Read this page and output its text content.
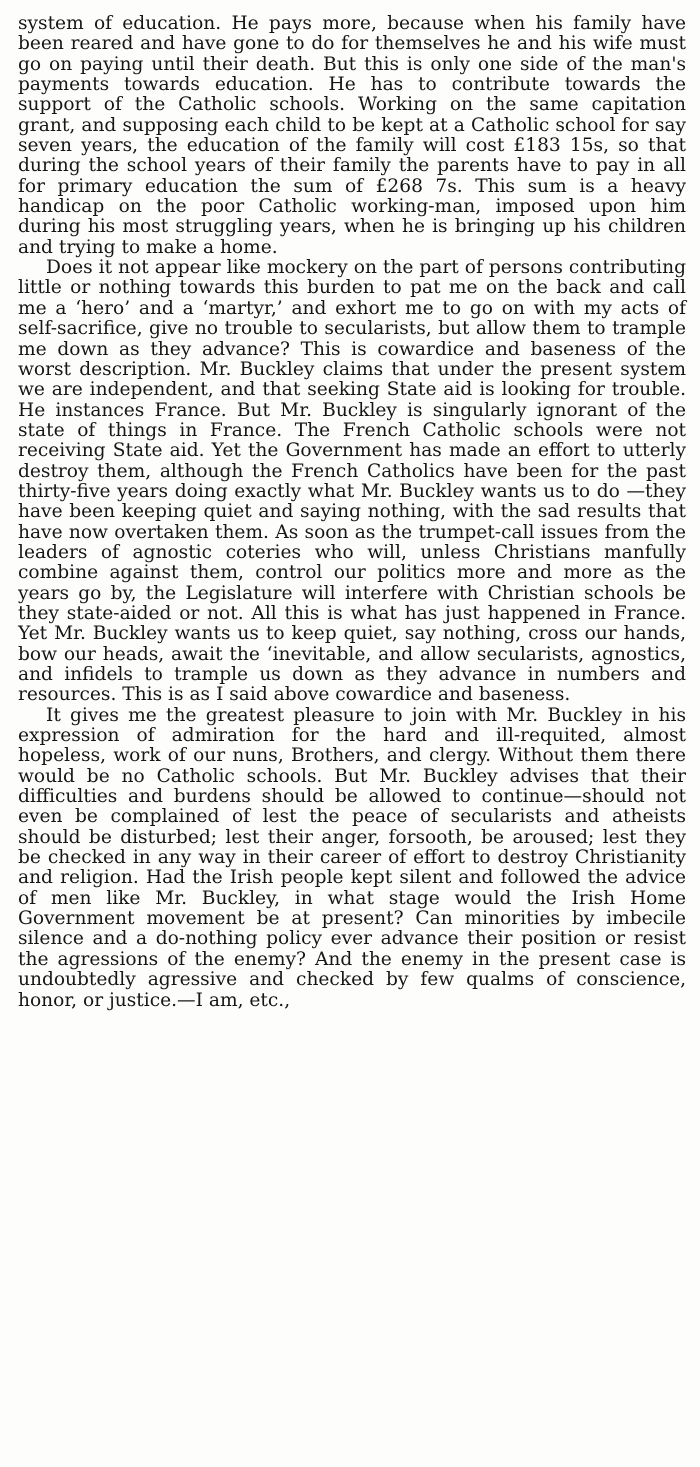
system of education. He pays more, because when his family have been reared and have gone to do for themselves he and his wife must go on paying until their death. But this is only one side of the man's payments towards education. He has to contribute towards the support of the Catholic schools. Working on the same capitation grant, and supposing each child to be kept at a Catholic school for say seven years, the education of the family will cost £183 15s, so that during the school years of their family the parents have to pay in all for primary education the sum of £268 7s. This sum is a heavy handicap on the poor Catholic working-man, imposed upon him during his most struggling years, when he is bringing up his children and trying to make a home.

Does it not appear like mockery on the part of persons contributing little or nothing towards this burden to pat me on the back and call me a ‘hero’ and a ‘martyr,’ and exhort me to go on with my acts of self-sacrifice, give no trouble to secularists, but allow them to trample me down as they advance? This is cowardice and baseness of the worst description. Mr. Buckley claims that under the present system we are independent, and that seeking State aid is looking for trouble. He instances France. But Mr. Buckley is singularly ignorant of the state of things in France. The French Catholic schools were not receiving State aid. Yet the Government has made an effort to utterly destroy them, although the French Catholics have been for the past thirty-five years doing exactly what Mr. Buckley wants us to do —they have been keeping quiet and saying nothing, with the sad results that have now overtaken them. As soon as the trumpet-call issues from the leaders of agnostic coteries who will, unless Christians manfully combine against them, control our politics more and more as the years go by, the Legislature will interfere with Christian schools be they state-aided or not. All this is what has just happened in France. Yet Mr. Buckley wants us to keep quiet, say nothing, cross our hands, bow our heads, await the ‘inevitable, and allow secularists, agnostics, and infidels to trample us down as they advance in numbers and resources. This is as I said above cowardice and baseness.

It gives me the greatest pleasure to join with Mr. Buckley in his expression of admiration for the hard and ill-requited, almost hopeless, work of our nuns, Brothers, and clergy. Without them there would be no Catholic schools. But Mr. Buckley advises that their difficulties and burdens should be allowed to continue—should not even be complained of lest the peace of secularists and atheists should be disturbed; lest their anger, forsooth, be aroused; lest they be checked in any way in their career of effort to destroy Christianity and religion. Had the Irish people kept silent and followed the advice of men like Mr. Buckley, in what stage would the Irish Home Government movement be at present? Can minorities by imbecile silence and a do-nothing policy ever advance their position or resist the agressions of the enemy? And the enemy in the present case is undoubtedly agressive and checked by few qualms of conscience, honor, or justice.—I am, etc.,
